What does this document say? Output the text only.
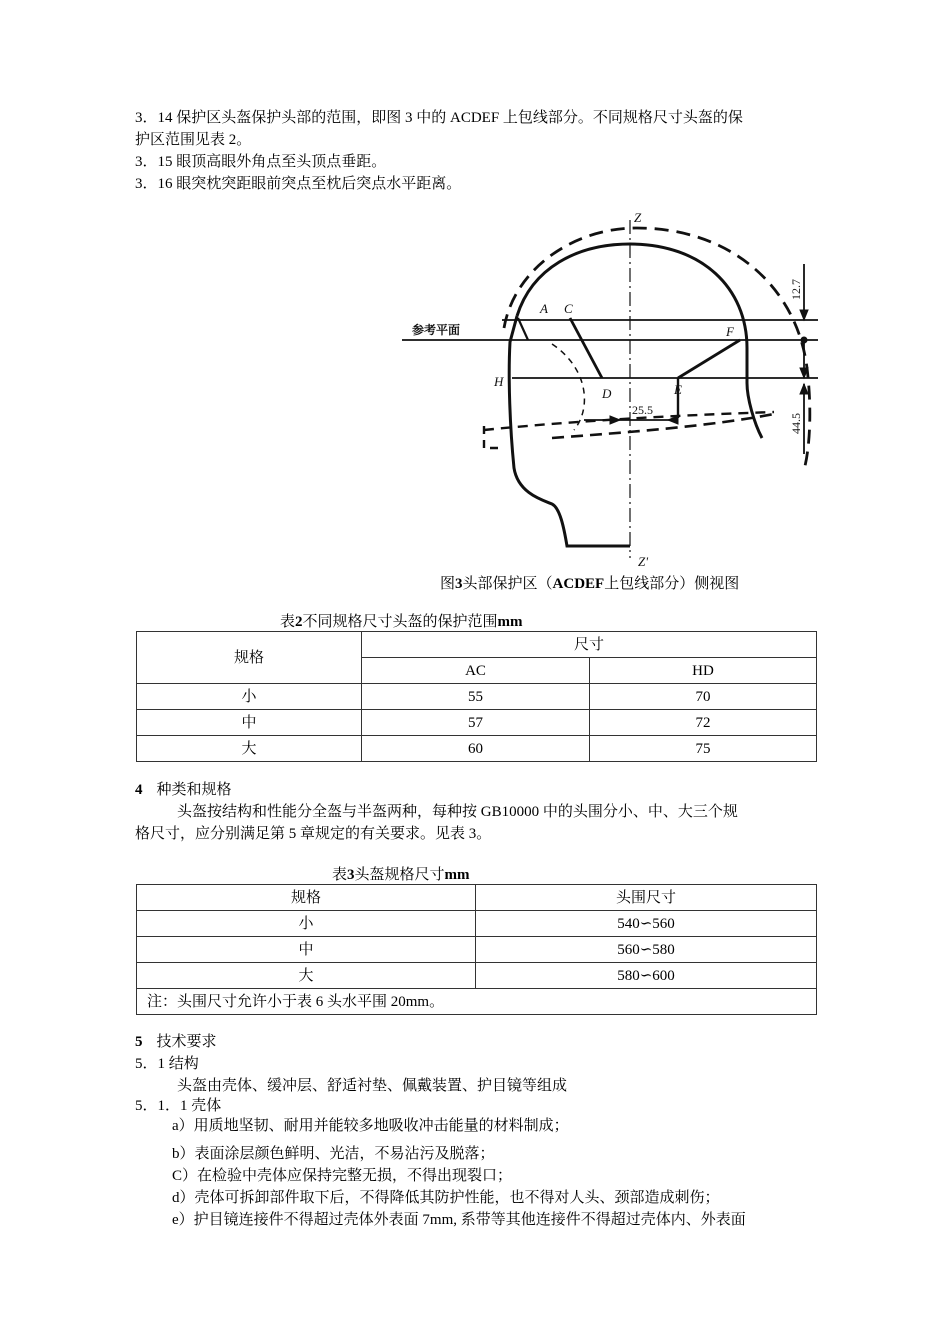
3．14 保护区头盔保护头部的范围，即图 3 中的 ACDEF 上包线部分。不同规格尺寸头盔的保
护区范围见表 2。
3．15 眼顶高眼外角点至头顶点垂距。
3．16 眼突枕突距眼前突点至枕后突点水平距离。
Z
Z'
A C
F
H
D	E
参考平面
25.5
12.7
44.5
图3头部保护区（ACDEF上包线部分）侧视图
表2不同规格尺寸头盔的保护范围mm
规格	尺寸	
	AC	HD
小	55	70
中	57	72
大	60	75
4 种类和规格
头盔按结构和性能分全盔与半盔两种，每种按 GB10000 中的头围分小、中、大三个规
格尺寸，应分别满足第 5 章规定的有关要求。见表 3。
表3头盔规格尺寸mm
规格	头围尺寸
小	540∽560
中	560∽580
大	580∽600
注：头围尺寸允许小于表 6 头水平围 20mm。	
5 技术要求
5．1 结构
头盔由壳体、缓冲层、舒适衬垫、佩戴装置、护目镜等组成
5．1．1 壳体
a）用质地坚韧、耐用并能较多地吸收冲击能量的材料制成；
b）表面涂层颜色鲜明、光洁，不易沾污及脱落；
C）在检验中壳体应保持完整无损，不得出现裂口；
d）壳体可拆卸部件取下后，不得降低其防护性能，也不得对人头、颈部造成刺伤；
e）护目镜连接件不得超过壳体外表面 7mm, 系带等其他连接件不得超过壳体内、外表面
